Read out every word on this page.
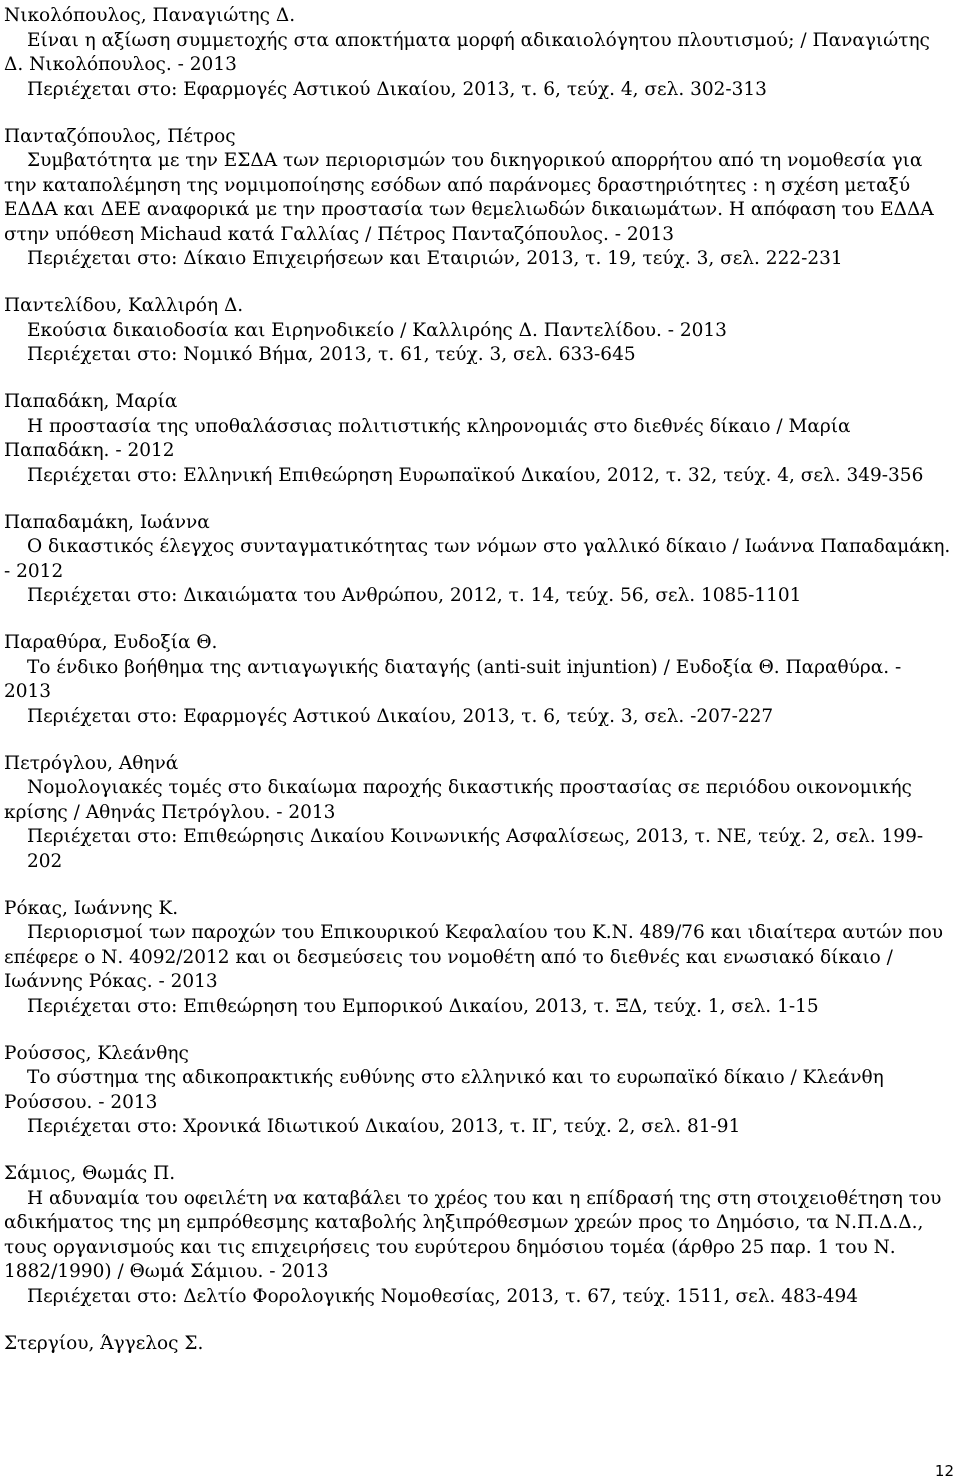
Νικολόπουλος, Παναγιώτης Δ.

Είναι η αξίωση συμμετοχής στα αποκτήματα μορφή αδικαιολόγητου πλουτισμού; / Παναγιώτης Δ. Νικολόπουλος. - 2013

Περιέχεται στο: Εφαρμογές Αστικού Δικαίου, 2013, τ. 6, τεύχ. 4, σελ. 302-313

Πανταζόπουλος, Πέτρος

Συμβατότητα με την ΕΣΔΑ των περιορισμών του δικηγορικού απορρήτου από τη νομοθεσία για την καταπολέμηση της νομιμοποίησης εσόδων από παράνομες δραστηριότητες : η σχέση μεταξύ ΕΔΔΑ και ΔΕΕ αναφορικά με την προστασία των θεμελιωδών δικαιωμάτων. Η απόφαση του ΕΔΔΑ στην υπόθεση Michaud κατά Γαλλίας / Πέτρος Πανταζόπουλος. - 2013

Περιέχεται στο: Δίκαιο Επιχειρήσεων και Εταιριών, 2013, τ. 19, τεύχ. 3, σελ. 222-231

Παντελίδου, Καλλιρόη Δ.

Εκούσια δικαιοδοσία και Ειρηνοδικείο / Καλλιρόης Δ. Παντελίδου. - 2013

Περιέχεται στο: Νομικό Βήμα, 2013, τ. 61, τεύχ. 3, σελ. 633-645

Παπαδάκη, Μαρία

Η προστασία της υποθαλάσσιας πολιτιστικής κληρονομιάς στο διεθνές δίκαιο / Μαρία Παπαδάκη. - 2012

Περιέχεται στο: Ελληνική Επιθεώρηση Ευρωπαϊκού Δικαίου, 2012, τ. 32, τεύχ. 4, σελ. 349-356

Παπαδαμάκη, Ιωάννα

Ο δικαστικός έλεγχος συνταγματικότητας των νόμων στο γαλλικό δίκαιο / Ιωάννα Παπαδαμάκη. - 2012

Περιέχεται στο: Δικαιώματα του Ανθρώπου, 2012, τ. 14, τεύχ. 56, σελ. 1085-1101

Παραθύρα, Ευδοξία Θ.

Το ένδικο βοήθημα της αντιαγωγικής διαταγής (anti-suit injuntion) / Ευδοξία Θ. Παραθύρα. - 2013

Περιέχεται στο: Εφαρμογές Αστικού Δικαίου, 2013, τ. 6, τεύχ. 3, σελ. -207-227

Πετρόγλου, Αθηνά

Νομολογιακές τομές στο δικαίωμα παροχής δικαστικής προστασίας σε περιόδου οικονομικής κρίσης / Αθηνάς Πετρόγλου. - 2013

Περιέχεται στο: Επιθεώρησις Δικαίου Κοινωνικής Ασφαλίσεως, 2013, τ. ΝΕ, τεύχ. 2, σελ. 199-202

Ρόκας, Ιωάννης Κ.

Περιορισμοί των παροχών του Επικουρικού Κεφαλαίου του Κ.Ν. 489/76 και ιδιαίτερα αυτών που επέφερε ο Ν. 4092/2012 και οι δεσμεύσεις του νομοθέτη από το διεθνές και ενωσιακό δίκαιο / Ιωάννης Ρόκας. - 2013

Περιέχεται στο: Επιθεώρηση του Εμπορικού Δικαίου, 2013, τ. ΞΔ, τεύχ. 1, σελ. 1-15

Ρούσσος, Κλεάνθης

Το σύστημα της αδικοπρακτικής ευθύνης στο ελληνικό και το ευρωπαϊκό δίκαιο / Κλεάνθη Ρούσσου. - 2013

Περιέχεται στο: Χρονικά Ιδιωτικού Δικαίου, 2013, τ. ΙΓ, τεύχ. 2, σελ. 81-91

Σάμιος, Θωμάς Π.

Η αδυναμία του οφειλέτη να καταβάλει το χρέος του και η επίδρασή της στη στοιχειοθέτηση του αδικήματος της μη εμπρόθεσμης καταβολής ληξιπρόθεσμων χρεών προς το Δημόσιο, τα Ν.Π.Δ.Δ., τους οργανισμούς και τις επιχειρήσεις του ευρύτερου δημόσιου τομέα (άρθρο 25 παρ. 1 του Ν. 1882/1990) / Θωμά Σάμιου. - 2013

Περιέχεται στο: Δελτίο Φορολογικής Νομοθεσίας, 2013, τ. 67, τεύχ. 1511, σελ. 483-494

Στεργίου, Άγγελος Σ.

12
